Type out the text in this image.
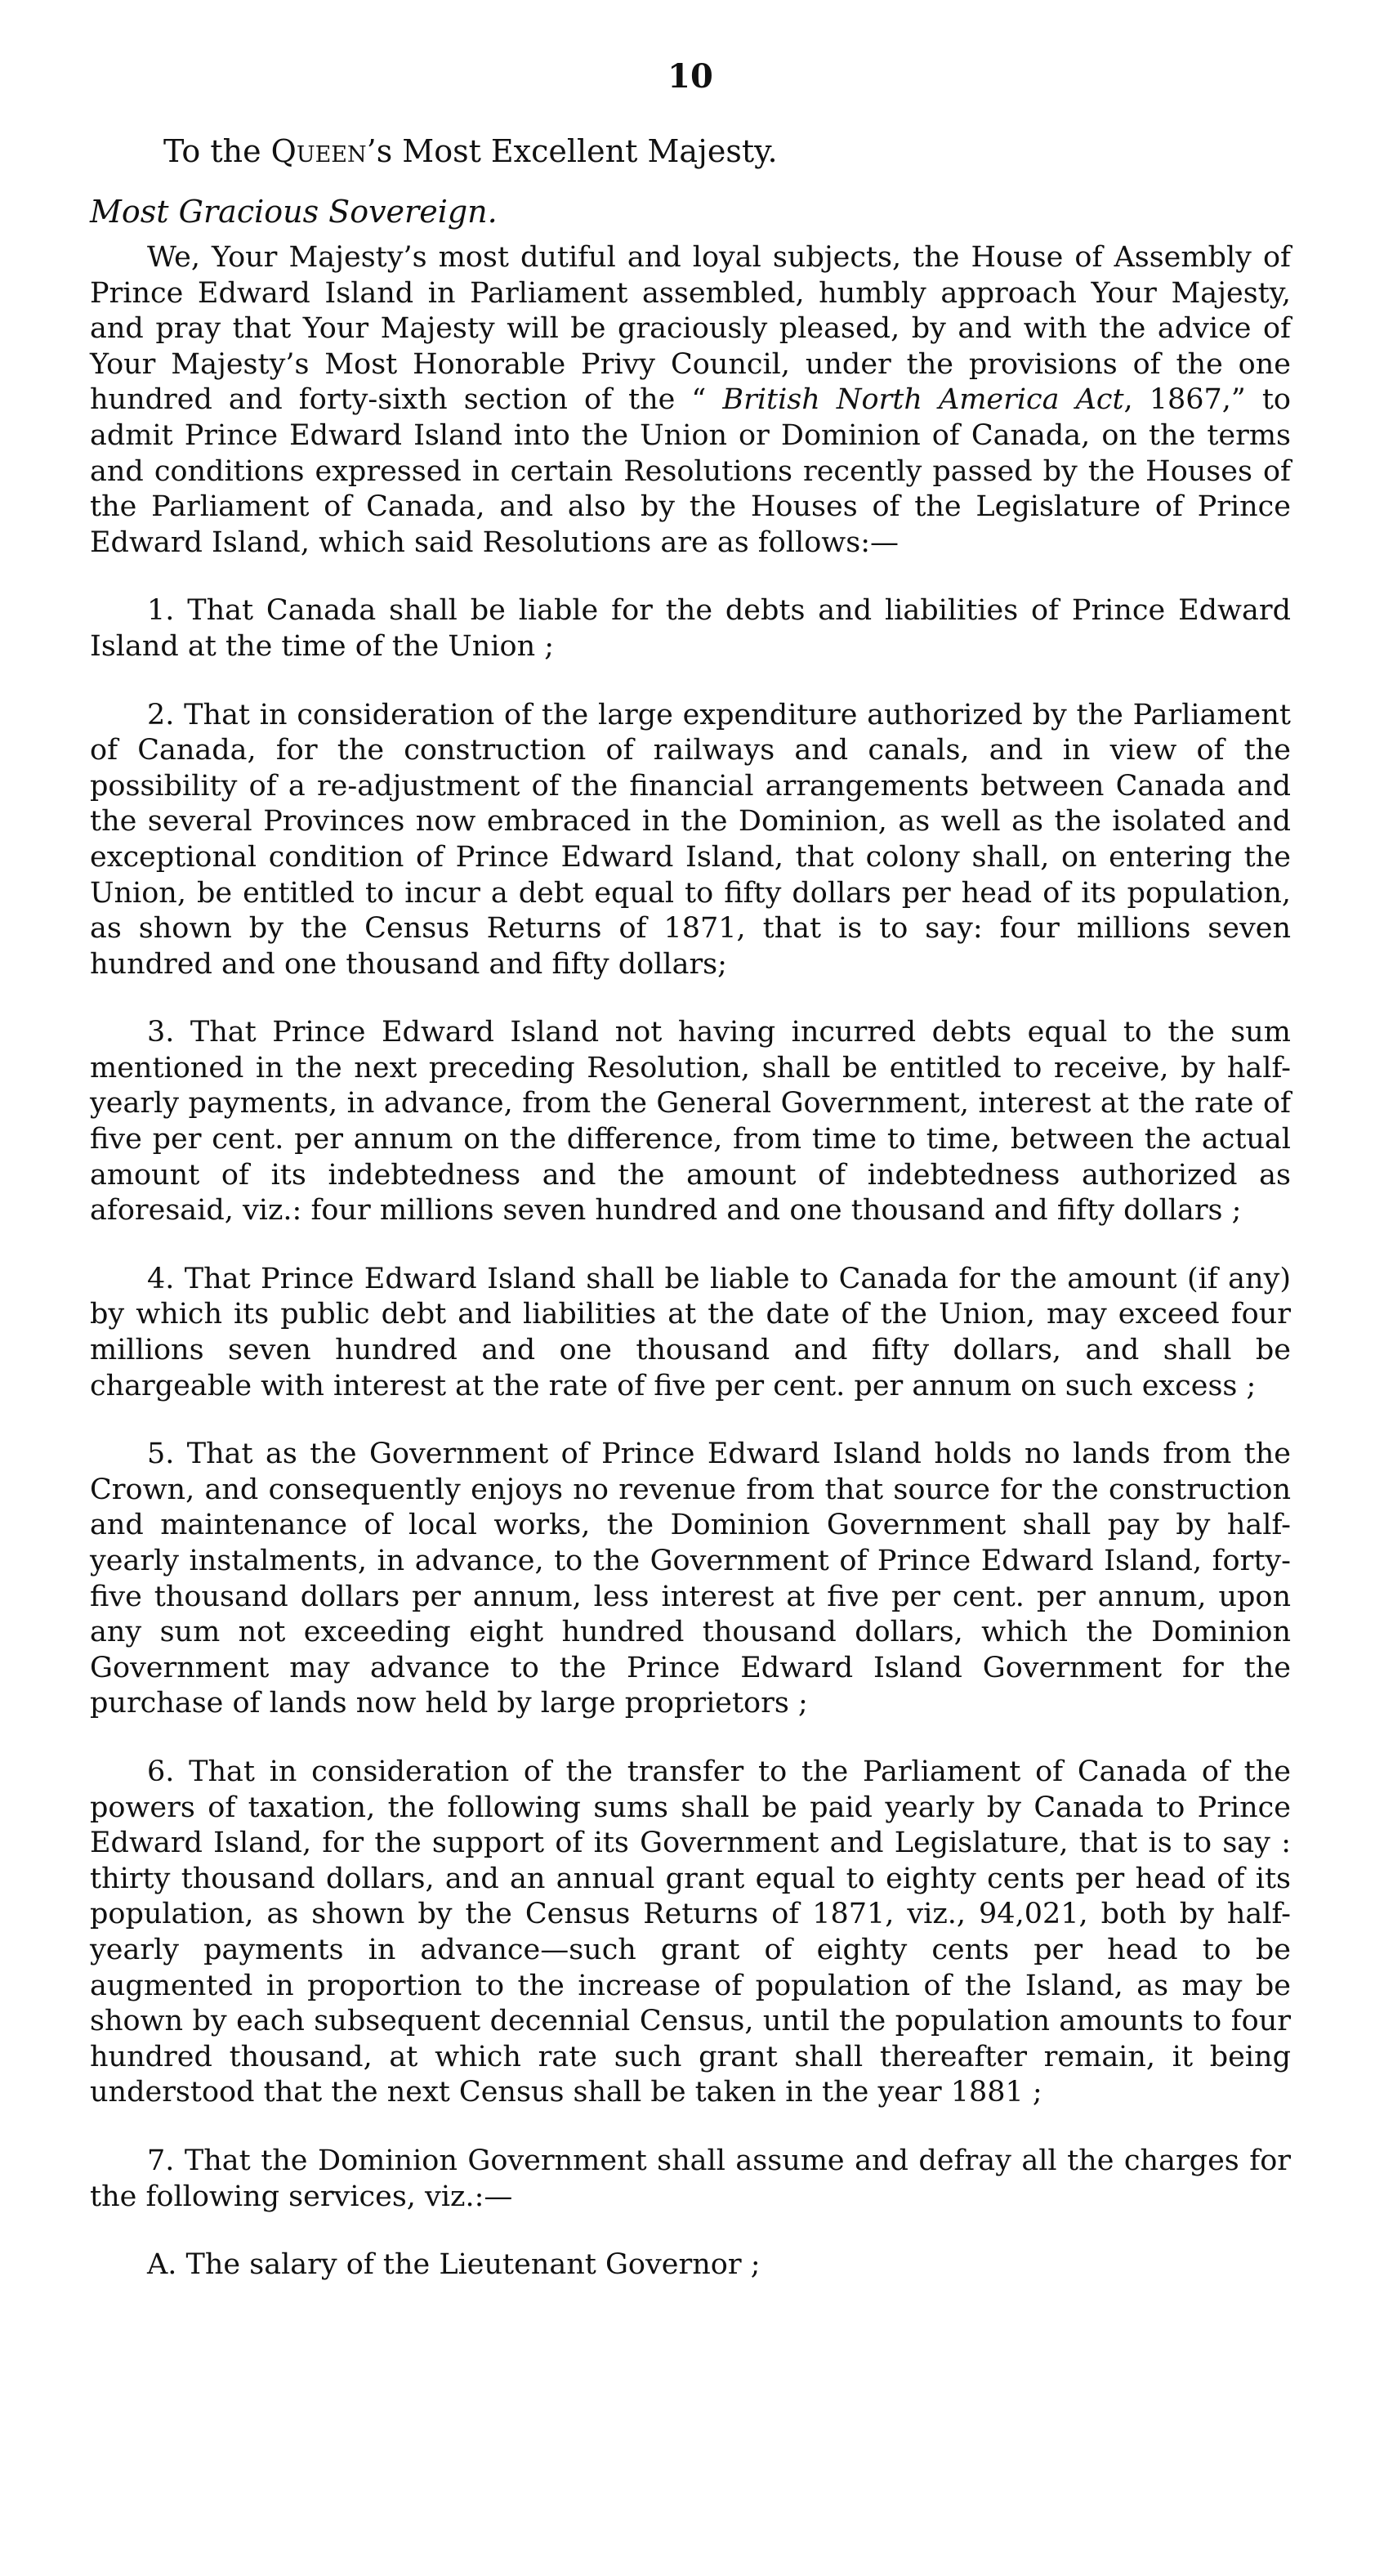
10
To the Queen’s Most Excellent Majesty.
Most Gracious Sovereign.

We, Your Majesty’s most dutiful and loyal subjects, the House of Assembly of Prince Edward Island in Parliament assembled, humbly approach Your Majesty, and pray that Your Majesty will be graciously pleased, by and with the advice of Your Majesty’s Most Honorable Privy Council, under the provisions of the one hundred and forty-sixth section of the “ British North America Act, 1867,” to admit Prince Edward Island into the Union or Dominion of Canada, on the terms and conditions expressed in certain Resolutions recently passed by the Houses of the Parliament of Canada, and also by the Houses of the Legislature of Prince Edward Island, which said Resolutions are as follows:—

1. That Canada shall be liable for the debts and liabilities of Prince Edward Island at the time of the Union ;

2. That in consideration of the large expenditure authorized by the Parliament of Canada, for the construction of railways and canals, and in view of the possibility of a re-adjustment of the financial arrangements between Canada and the several Provinces now embraced in the Dominion, as well as the isolated and exceptional condition of Prince Edward Island, that colony shall, on entering the Union, be entitled to incur a debt equal to fifty dollars per head of its population, as shown by the Census Returns of 1871, that is to say: four millions seven hundred and one thousand and fifty dollars;

3. That Prince Edward Island not having incurred debts equal to the sum mentioned in the next preceding Resolution, shall be entitled to receive, by half-yearly payments, in advance, from the General Government, interest at the rate of five per cent. per annum on the difference, from time to time, between the actual amount of its indebtedness and the amount of indebtedness authorized as aforesaid, viz.: four millions seven hundred and one thousand and fifty dollars ;

4. That Prince Edward Island shall be liable to Canada for the amount (if any) by which its public debt and liabilities at the date of the Union, may exceed four millions seven hundred and one thousand and fifty dollars, and shall be chargeable with interest at the rate of five per cent. per annum on such excess ;

5. That as the Government of Prince Edward Island holds no lands from the Crown, and consequently enjoys no revenue from that source for the construction and maintenance of local works, the Dominion Government shall pay by half-yearly instalments, in advance, to the Government of Prince Edward Island, forty-five thousand dollars per annum, less interest at five per cent. per annum, upon any sum not exceeding eight hundred thousand dollars, which the Dominion Government may advance to the Prince Edward Island Government for the purchase of lands now held by large proprietors ;

6. That in consideration of the transfer to the Parliament of Canada of the powers of taxation, the following sums shall be paid yearly by Canada to Prince Edward Island, for the support of its Government and Legislature, that is to say : thirty thousand dollars, and an annual grant equal to eighty cents per head of its population, as shown by the Census Returns of 1871, viz., 94,021, both by half-yearly payments in advance—such grant of eighty cents per head to be augmented in proportion to the increase of population of the Island, as may be shown by each subsequent decennial Census, until the population amounts to four hundred thousand, at which rate such grant shall thereafter remain, it being understood that the next Census shall be taken in the year 1881 ;

7. That the Dominion Government shall assume and defray all the charges for the following services, viz.:—

A. The salary of the Lieutenant Governor ;
